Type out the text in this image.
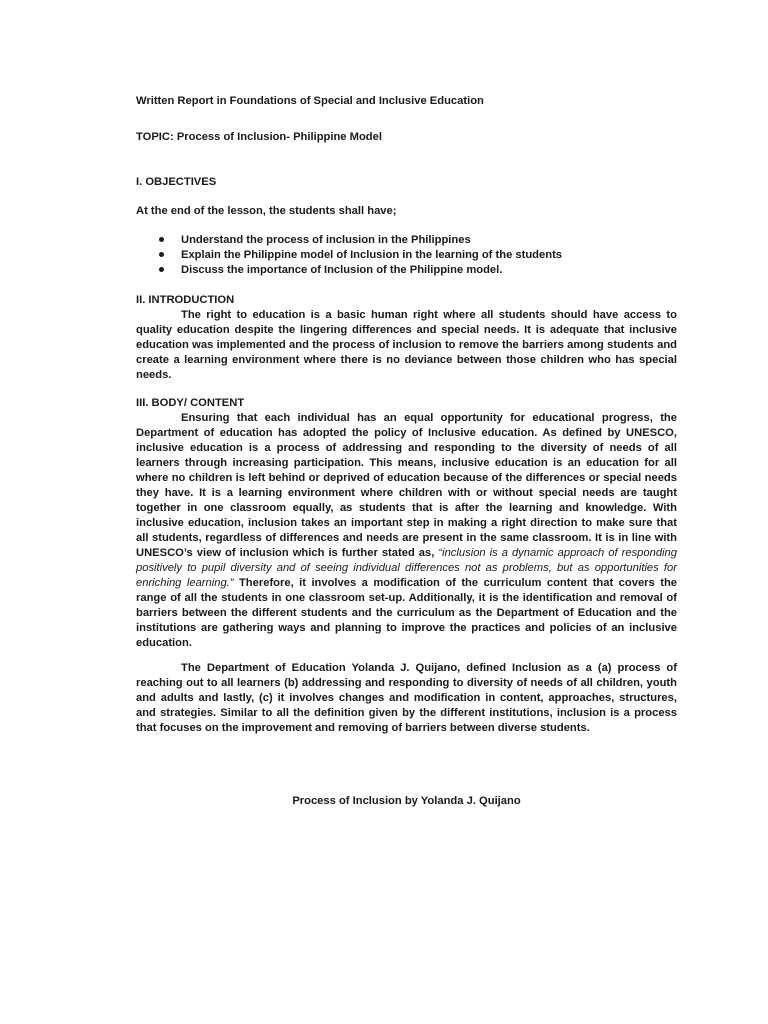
Written Report in Foundations of Special and Inclusive Education
TOPIC: Process of Inclusion- Philippine Model
I. OBJECTIVES
At the end of the lesson, the students shall have;
Understand the process of inclusion in the Philippines
Explain the Philippine model of Inclusion in the learning of the students
Discuss the importance of Inclusion of the Philippine model.
II. INTRODUCTION

The right to education is a basic human right where all students should have access to quality education despite the lingering differences and special needs. It is adequate that inclusive education was implemented and the process of inclusion to remove the barriers among students and create a learning environment where there is no deviance between those children who has special needs.

III. BODY/ CONTENT

Ensuring that each individual has an equal opportunity for educational progress, the Department of education has adopted the policy of Inclusive education. As defined by UNESCO, inclusive education is a process of addressing and responding to the diversity of needs of all learners through increasing participation. This means, inclusive education is an education for all where no children is left behind or deprived of education because of the differences or special needs they have. It is a learning environment where children with or without special needs are taught together in one classroom equally, as students that is after the learning and knowledge. With inclusive education, inclusion takes an important step in making a right direction to make sure that all students, regardless of differences and needs are present in the same classroom. It is in line with UNESCO’s view of inclusion which is further stated as, “inclusion is a dynamic approach of responding positively to pupil diversity and of seeing individual differences not as problems, but as opportunities for enriching learning.” Therefore, it involves a modification of the curriculum content that covers the range of all the students in one classroom set-up. Additionally, it is the identification and removal of barriers between the different students and the curriculum as the Department of Education and the institutions are gathering ways and planning to improve the practices and policies of an inclusive education.

The Department of Education Yolanda J. Quijano, defined Inclusion as a (a) process of reaching out to all learners (b) addressing and responding to diversity of needs of all children, youth and adults and lastly, (c) it involves changes and modification in content, approaches, structures, and strategies. Similar to all the definition given by the different institutions, inclusion is a process that focuses on the improvement and removing of barriers between diverse students.

Process of Inclusion by Yolanda J. Quijano
